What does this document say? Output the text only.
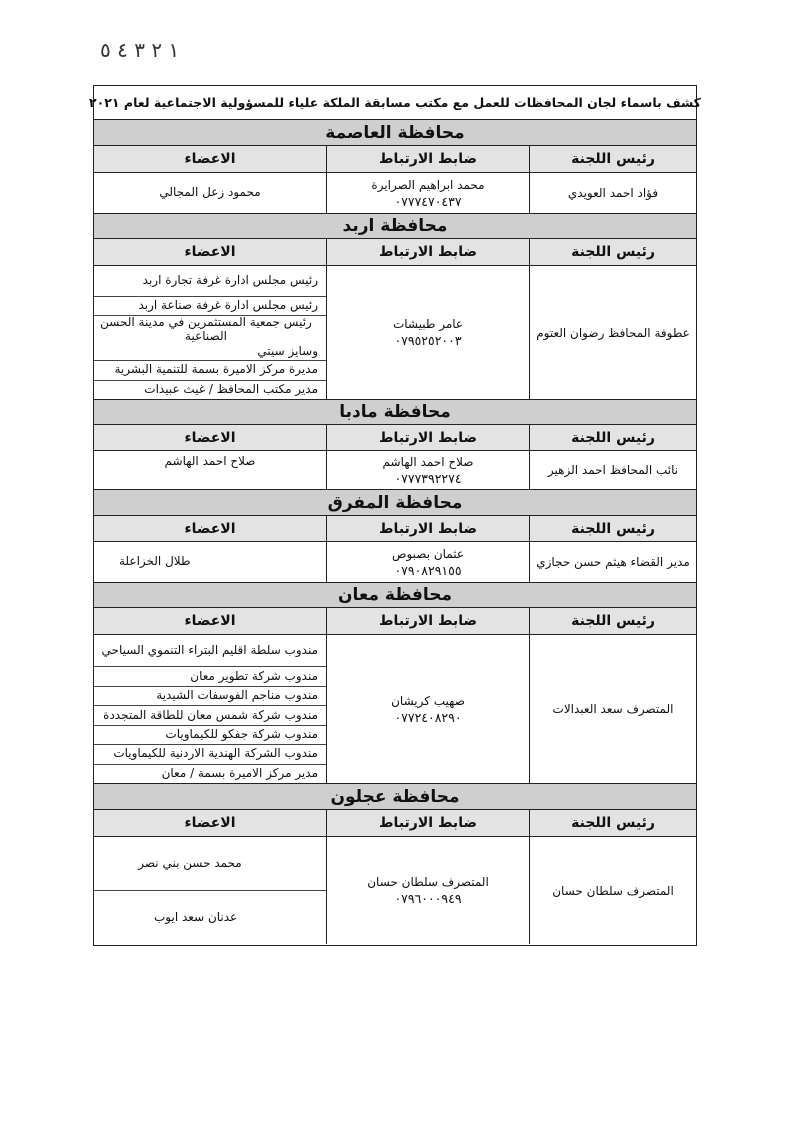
١ ٢ ٣ ٤ ٥
كشف باسماء لجان المحافظات للعمل مع مكتب مسابقة الملكة علياء للمسؤولية الاجتماعية لعام ٢٠٢١
محافظة العاصمة
رئيس اللجنة
ضابط الارتباط
الاعضاء
فؤاد احمد العويدي
محمد ابراهيم الصرايرة
٠٧٧٧٤٧٠٤٣٧
محمود زعل المجالي
محافظة اربد
رئيس اللجنة
ضابط الارتباط
الاعضاء
عطوفة المحافظ رضوان العتوم
عامر طبيشات
٠٧٩٥٢٥٢٠٠٣
رئيس مجلس ادارة غرفة تجارة اربد
رئيس مجلس ادارة غرفة صناعة اربد
رئيس جمعية المستثمرين في مدينة الحسن الصناعية
وسايز سيتي
مديرة مركز الاميرة بسمة للتنمية البشرية
مدير مكتب المحافظ / غيث عبيدات
محافظة مادبا
رئيس اللجنة
ضابط الارتباط
الاعضاء
نائب المحافظ احمد الزهير
صلاح احمد الهاشم
٠٧٧٧٣٩٢٢٧٤
صلاح احمد الهاشم
محافظة المفرق
رئيس اللجنة
ضابط الارتباط
الاعضاء
مدير القضاء هيثم حسن حجازي
عثمان بصبوص
٠٧٩٠٨٢٩١٥٥
طلال الخزاعلة
محافظة معان
رئيس اللجنة
ضابط الارتباط
الاعضاء
المتصرف سعد العبدالات
صهيب كريشان
٠٧٧٢٤٠٨٢٩٠
مندوب سلطة اقليم البتراء التنموي السياحي
مندوب شركة تطوير معان
مندوب مناجم الفوسفات الشيدية
مندوب شركة شمس معان للطاقة المتجددة
مندوب شركة جفكو للكيماويات
مندوب الشركة الهندية الاردنية للكيماويات
مدير مركز الاميرة بسمة / معان
محافظة عجلون
رئيس اللجنة
ضابط الارتباط
الاعضاء
المتصرف سلطان حسان
المتصرف سلطان حسان
٠٧٩٦٠٠٠٩٤٩
محمد حسن بني نصر
عدنان سعد ايوب
